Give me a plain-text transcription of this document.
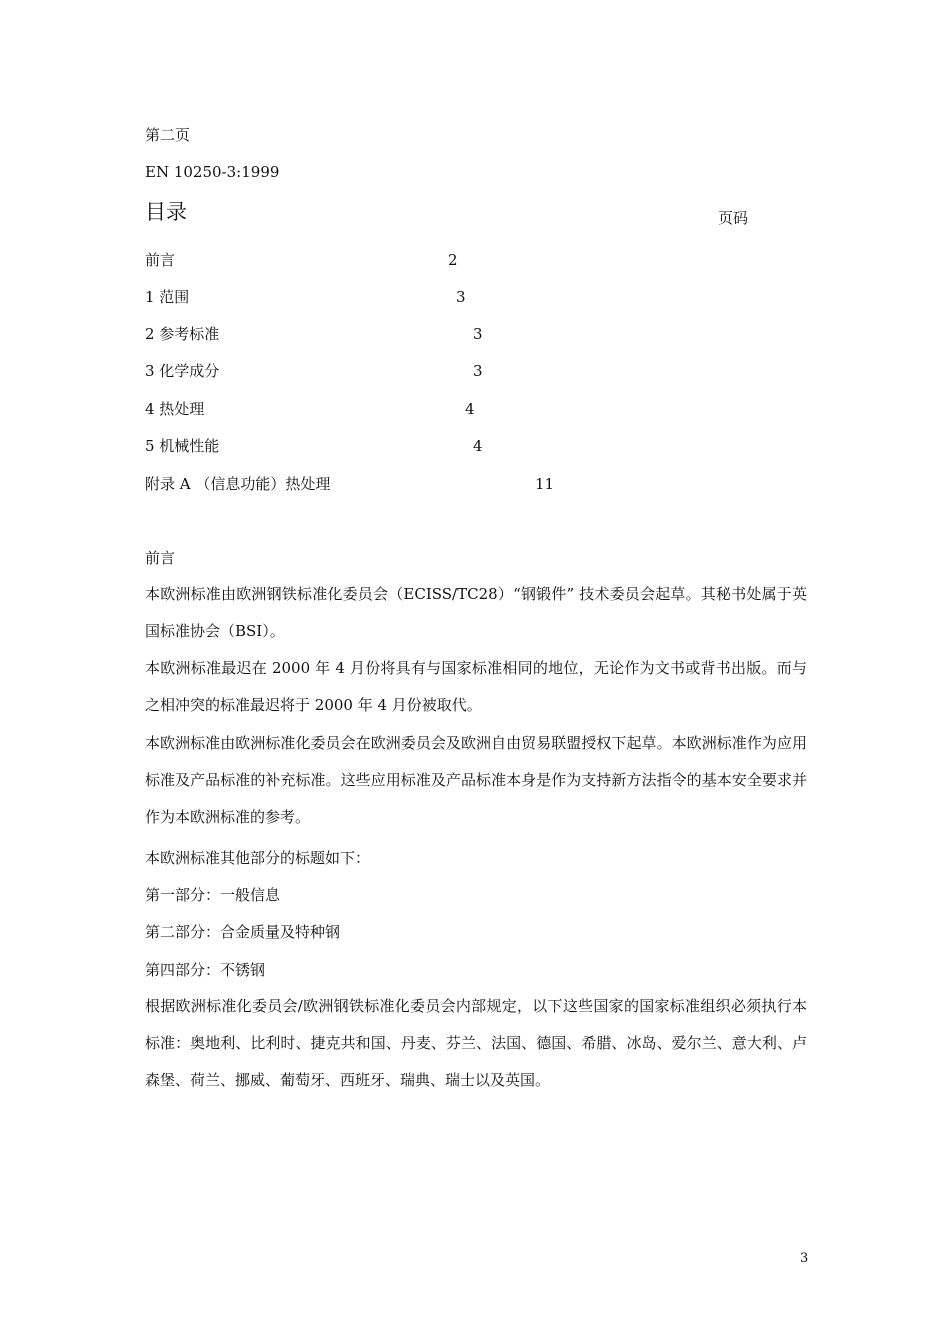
第二页
EN 10250-3:1999
目录	页码
前言	2
1 范围	3
2 参考标准	3
3 化学成分	3
4 热处理	4
5 机械性能	4
附录 A （信息功能）热处理	11
前言
本欧洲标准由欧洲钢铁标准化委员会（ECISS/TC28）“钢锻件” 技术委员会起草。其秘书处属于英国标准协会（BSI）。
本欧洲标准最迟在 2000 年 4 月份将具有与国家标准相同的地位，无论作为文书或背书出版。而与之相冲突的标准最迟将于 2000 年 4 月份被取代。
本欧洲标准由欧洲标准化委员会在欧洲委员会及欧洲自由贸易联盟授权下起草。本欧洲标准作为应用标准及产品标准的补充标准。这些应用标准及产品标准本身是作为支持新方法指令的基本安全要求并作为本欧洲标准的参考。
本欧洲标准其他部分的标题如下：
第一部分：一般信息
第二部分：合金质量及特种钢
第四部分：不锈钢
根据欧洲标准化委员会/欧洲钢铁标准化委员会内部规定，以下这些国家的国家标准组织必须执行本标准：奥地利、比利时、捷克共和国、丹麦、芬兰、法国、德国、希腊、冰岛、爱尔兰、意大利、卢森堡、荷兰、挪威、葡萄牙、西班牙、瑞典、瑞士以及英国。
3
